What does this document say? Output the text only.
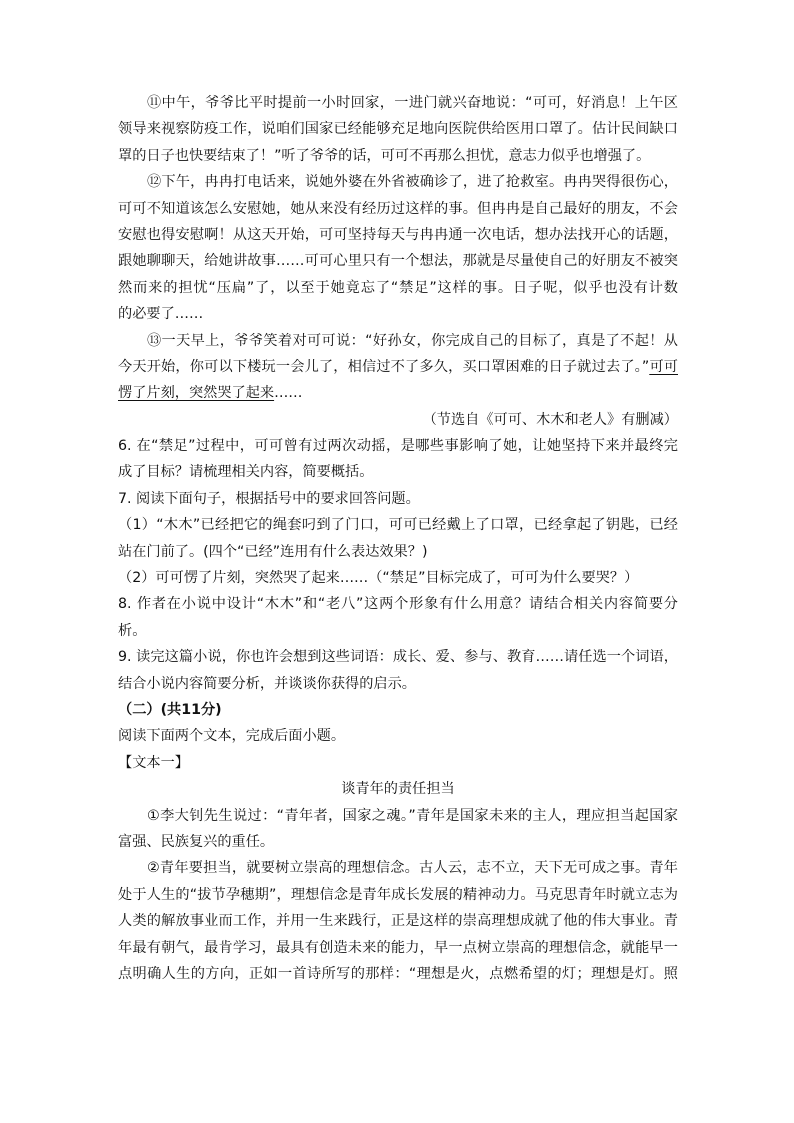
⑪中午，爷爷比平时提前一小时回家，一进门就兴奋地说：“可可，好消息！上午区
领导来视察防疫工作，说咱们国家已经能够充足地向医院供给医用口罩了。估计民间缺口
罩的日子也快要结束了！”听了爷爷的话，可可不再那么担忧，意志力似乎也增强了。
⑫下午，冉冉打电话来，说她外婆在外省被确诊了，进了抢救室。冉冉哭得很伤心，
可可不知道该怎么安慰她，她从来没有经历过这样的事。但冉冉是自己最好的朋友，不会
安慰也得安慰啊！从这天开始，可可坚持每天与冉冉通一次电话，想办法找开心的话题，
跟她聊聊天，给她讲故事……可可心里只有一个想法，那就是尽量使自己的好朋友不被突
然而来的担忧“压扁”了，以至于她竟忘了“禁足”这样的事。日子呢，似乎也没有计数
的必要了……
⑬一天早上，爷爷笑着对可可说：“好孙女，你完成自己的目标了，真是了不起！从
今天开始，你可以下楼玩一会儿了，相信过不了多久，买口罩困难的日子就过去了。”可可
愣了片刻，突然哭了起来……
（节选自《可可、木木和老人》有删减）
6. 在“禁足”过程中，可可曾有过两次动摇，是哪些事影响了她，让她坚持下来并最终完
成了目标？请梳理相关内容，简要概括。
7. 阅读下面句子，根据括号中的要求回答问题。
（1）“木木”已经把它的绳套叼到了门口，可可已经戴上了口罩，已经拿起了钥匙，已经
站在门前了。(四个“已经”连用有什么表达效果？)
（2）可可愣了片刻，突然哭了起来……（“禁足”目标完成了，可可为什么要哭？）
8. 作者在小说中设计“木木”和“老八”这两个形象有什么用意？请结合相关内容简要分
析。
9. 读完这篇小说，你也许会想到这些词语：成长、爱、参与、教育……请任选一个词语，
结合小说内容简要分析，并谈谈你获得的启示。
（二）(共11分)
阅读下面两个文本，完成后面小题。
【文本一】
谈青年的责任担当
①李大钊先生说过：“青年者，国家之魂。”青年是国家未来的主人，理应担当起国家
富强、民族复兴的重任。
②青年要担当，就要树立崇高的理想信念。古人云，志不立，天下无可成之事。青年
处于人生的“拔节孕穗期”，理想信念是青年成长发展的精神动力。马克思青年时就立志为
人类的解放事业而工作，并用一生来践行，正是这样的崇高理想成就了他的伟大事业。青
年最有朝气，最肯学习，最具有创造未来的能力，早一点树立崇高的理想信念，就能早一
点明确人生的方向，正如一首诗所写的那样：“理想是火，点燃希望的灯；理想是灯。照
